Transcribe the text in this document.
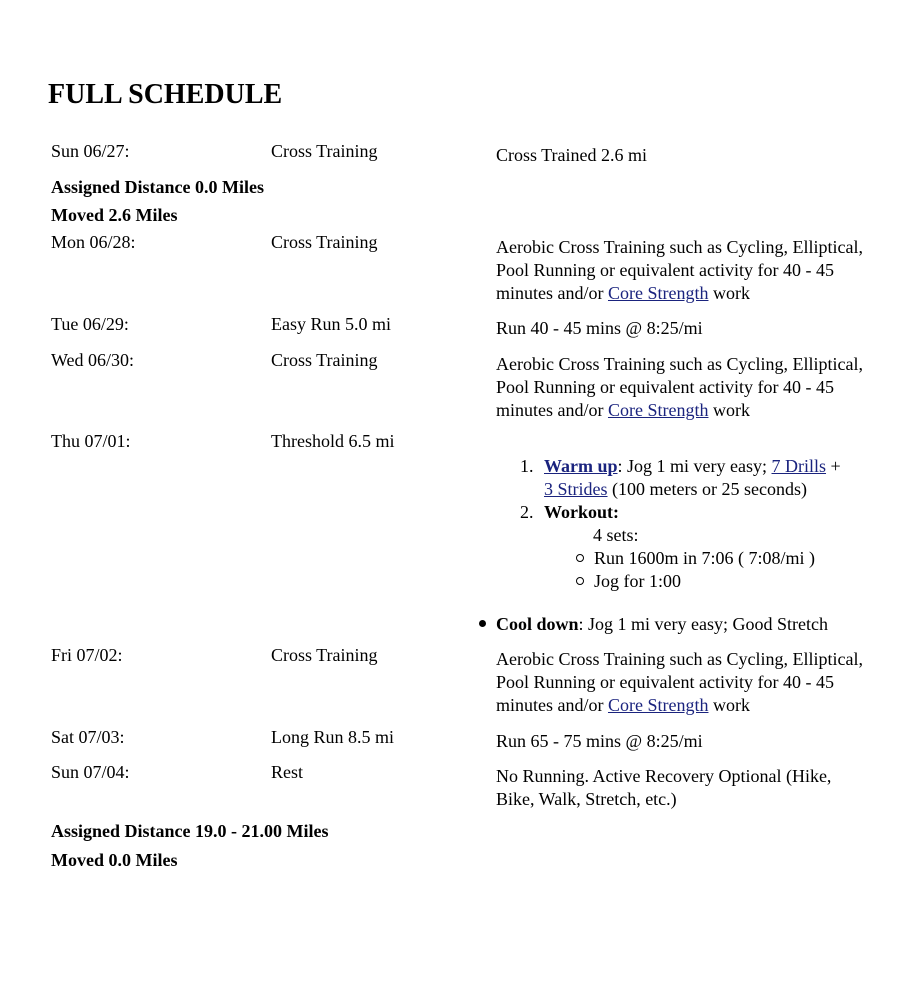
FULL SCHEDULE
Sun 06/27:	Cross Training	Cross Trained 2.6 mi
Assigned Distance 0.0 Miles
Moved 2.6 Miles
Mon 06/28:	Cross Training	Aerobic Cross Training such as Cycling, Elliptical,
Pool Running or equivalent activity for 40 - 45
minutes and/or Core Strength work
Tue 06/29:	Easy Run 5.0 mi	Run 40 - 45 mins @ 8:25/mi
Wed 06/30:	Cross Training	Aerobic Cross Training such as Cycling, Elliptical,
Pool Running or equivalent activity for 40 - 45
minutes and/or Core Strength work
Thu 07/01:	Threshold 6.5 mi
1. Warm up: Jog 1 mi very easy; 7 Drills +
3 Strides (100 meters or 25 seconds)
2. Workout:
4 sets:
Run 1600m in 7:06 ( 7:08/mi )
Jog for 1:00
Cool down: Jog 1 mi very easy; Good Stretch
Fri 07/02:	Cross Training	Aerobic Cross Training such as Cycling, Elliptical,
Pool Running or equivalent activity for 40 - 45
minutes and/or Core Strength work
Sat 07/03:	Long Run 8.5 mi	Run 65 - 75 mins @ 8:25/mi
Sun 07/04:	Rest	No Running. Active Recovery Optional (Hike,
Bike, Walk, Stretch, etc.)
Assigned Distance 19.0 - 21.00 Miles
Moved 0.0 Miles
